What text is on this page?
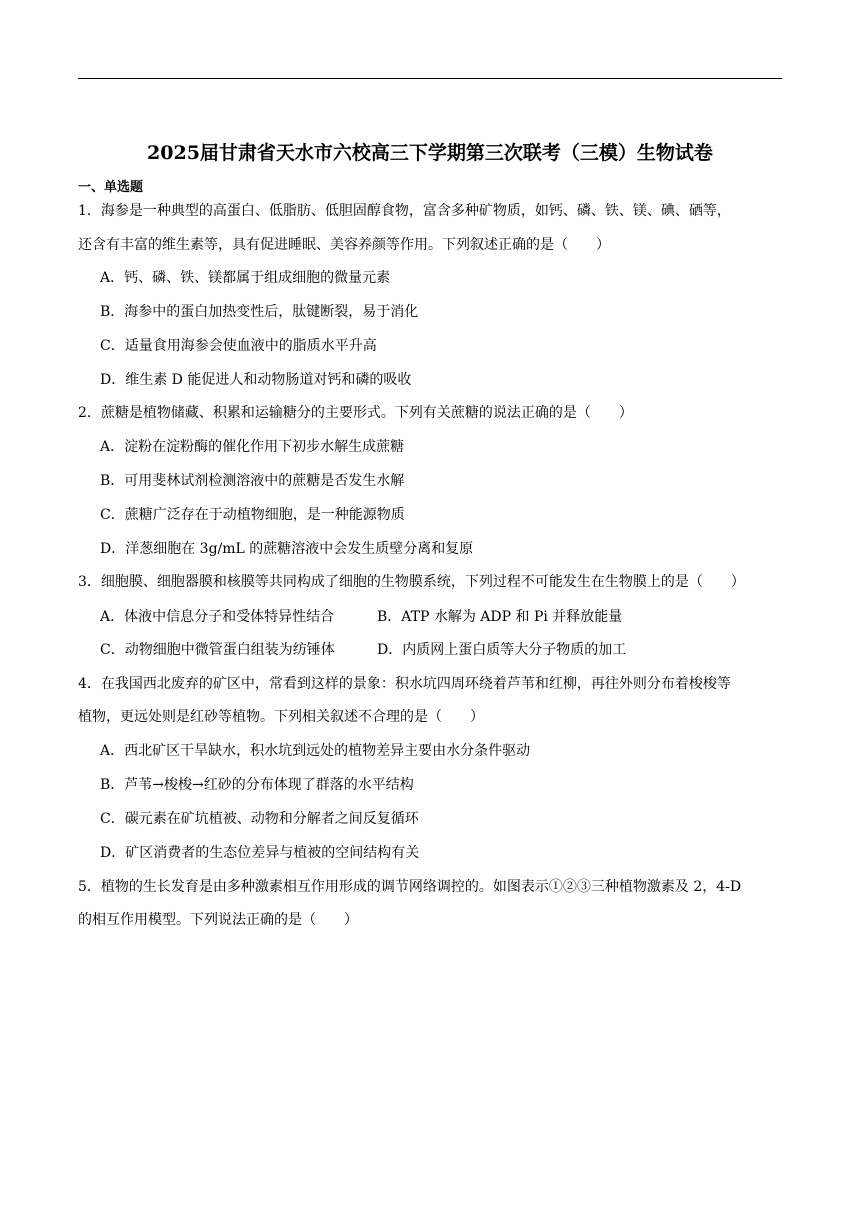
2025届甘肃省天水市六校高三下学期第三次联考（三模）生物试卷
一、单选题
1．海参是一种典型的高蛋白、低脂肪、低胆固醇食物，富含多种矿物质，如钙、磷、铁、镁、碘、硒等，
还含有丰富的维生素等，具有促进睡眠、美容养颜等作用。下列叙述正确的是（　　）
A．钙、磷、铁、镁都属于组成细胞的微量元素
B．海参中的蛋白加热变性后，肽键断裂，易于消化
C．适量食用海参会使血液中的脂质水平升高
D．维生素 D 能促进人和动物肠道对钙和磷的吸收
2．蔗糖是植物储藏、积累和运输糖分的主要形式。下列有关蔗糖的说法正确的是（　　）
A．淀粉在淀粉酶的催化作用下初步水解生成蔗糖
B．可用斐林试剂检测溶液中的蔗糖是否发生水解
C．蔗糖广泛存在于动植物细胞，是一种能源物质
D．洋葱细胞在 3g/mL 的蔗糖溶液中会发生质壁分离和复原
3．细胞膜、细胞器膜和核膜等共同构成了细胞的生物膜系统，下列过程不可能发生在生物膜上的是（　　）
A．体液中信息分子和受体特异性结合	B．ATP 水解为 ADP 和 Pi 并释放能量
C．动物细胞中微管蛋白组装为纺锤体	D．内质网上蛋白质等大分子物质的加工
4．在我国西北废弃的矿区中，常看到这样的景象：积水坑四周环绕着芦苇和红柳，再往外则分布着梭梭等
植物，更远处则是红砂等植物。下列相关叙述不合理的是（　　）
A．西北矿区干旱缺水，积水坑到远处的植物差异主要由水分条件驱动
B．芦苇→梭梭→红砂的分布体现了群落的水平结构
C．碳元素在矿坑植被、动物和分解者之间反复循环
D．矿区消费者的生态位差异与植被的空间结构有关
5．植物的生长发育是由多种激素相互作用形成的调节网络调控的。如图表示①②③三种植物激素及 2，4-D
的相互作用模型。下列说法正确的是（　　）
